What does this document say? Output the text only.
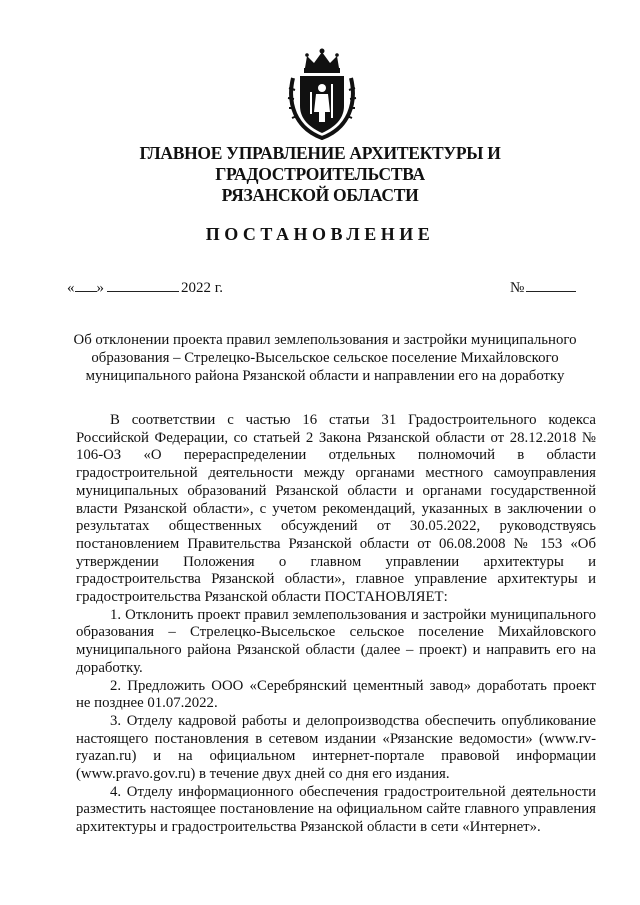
ГЛАВНОЕ УПРАВЛЕНИЕ АРХИТЕКТУРЫ И ГРАДОСТРОИТЕЛЬСТВА
РЯЗАНСКОЙ ОБЛАСТИ
ПОСТАНОВЛЕНИЕ
« »	2022 г.	№
Об отклонении проекта правил землепользования и застройки муниципального
образования – Стрелецко-Высельское сельское поселение Михайловского
муниципального района Рязанской области и направлении его на доработку

В соответствии с частью 16 статьи 31 Градостроительного кодекса Российской Федерации, со статьей 2 Закона Рязанской области от 28.12.2018 № 106-ОЗ «О перераспределении отдельных полномочий в области градостроительной деятельности между органами местного самоуправления муниципальных образований Рязанской области и органами государственной власти Рязанской области», с учетом рекомендаций, указанных в заключении о результатах общественных обсуждений от 30.05.2022, руководствуясь постановлением Правительства Рязанской области от 06.08.2008 № 153 «Об утверждении Положения о главном управлении архитектуры и градостроительства Рязанской области», главное управление архитектуры и градостроительства Рязанской области ПОСТАНОВЛЯЕТ:

1. Отклонить проект правил землепользования и застройки муниципального образования – Стрелецко-Высельское сельское поселение Михайловского муниципального района Рязанской области (далее – проект) и направить его на доработку.

2. Предложить ООО «Серебрянский цементный завод» доработать проект не позднее 01.07.2022.

3. Отделу кадровой работы и делопроизводства обеспечить опубликование настоящего постановления в сетевом издании «Рязанские ведомости» (www.rv-ryazan.ru) и на официальном интернет-портале правовой информации (www.pravo.gov.ru) в течение двух дней со дня его издания.

4. Отделу информационного обеспечения градостроительной деятельности разместить настоящее постановление на официальном сайте главного управления архитектуры и градостроительства Рязанской области в сети «Интернет».
